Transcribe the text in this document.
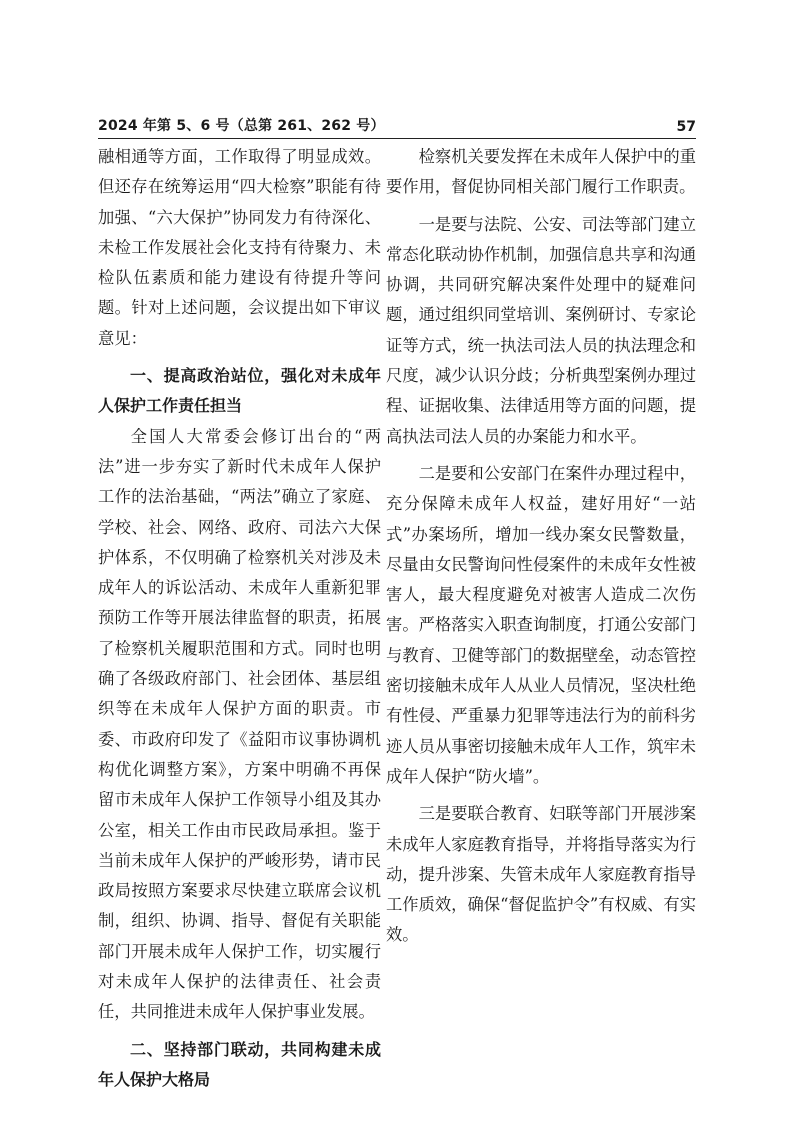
2024 年第 5、6 号（总第 261、262 号）	57

融相通等方面，工作取得了明显成效。但还存在统筹运用“四大检察”职能有待加强、“六大保护”协同发力有待深化、未检工作发展社会化支持有待聚力、未检队伍素质和能力建设有待提升等问题。针对上述问题，会议提出如下审议意见：

一、提高政治站位，强化对未成年人保护工作责任担当

全国人大常委会修订出台的“两法”进一步夯实了新时代未成年人保护工作的法治基础，“两法”确立了家庭、学校、社会、网络、政府、司法六大保护体系，不仅明确了检察机关对涉及未成年人的诉讼活动、未成年人重新犯罪预防工作等开展法律监督的职责，拓展了检察机关履职范围和方式。同时也明确了各级政府部门、社会团体、基层组织等在未成年人保护方面的职责。市委、市政府印发了《益阳市议事协调机构优化调整方案》，方案中明确不再保留市未成年人保护工作领导小组及其办公室，相关工作由市民政局承担。鉴于当前未成年人保护的严峻形势，请市民政局按照方案要求尽快建立联席会议机制，组织、协调、指导、督促有关职能部门开展未成年人保护工作，切实履行对未成年人保护的法律责任、社会责任，共同推进未成年人保护事业发展。

二、坚持部门联动，共同构建未成年人保护大格局

检察机关要发挥在未成年人保护中的重要作用，督促协同相关部门履行工作职责。

一是要与法院、公安、司法等部门建立常态化联动协作机制，加强信息共享和沟通协调，共同研究解决案件处理中的疑难问题，通过组织同堂培训、案例研讨、专家论证等方式，统一执法司法人员的执法理念和尺度，减少认识分歧；分析典型案例办理过程、证据收集、法律适用等方面的问题，提高执法司法人员的办案能力和水平。

二是要和公安部门在案件办理过程中，充分保障未成年人权益，建好用好“一站式”办案场所，增加一线办案女民警数量，尽量由女民警询问性侵案件的未成年女性被害人，最大程度避免对被害人造成二次伤害。严格落实入职查询制度，打通公安部门与教育、卫健等部门的数据壁垒，动态管控密切接触未成年人从业人员情况，坚决杜绝有性侵、严重暴力犯罪等违法行为的前科劣迹人员从事密切接触未成年人工作，筑牢未成年人保护“防火墙”。

三是要联合教育、妇联等部门开展涉案未成年人家庭教育指导，并将指导落实为行动，提升涉案、失管未成年人家庭教育指导工作质效，确保“督促监护令”有权威、有实效。
